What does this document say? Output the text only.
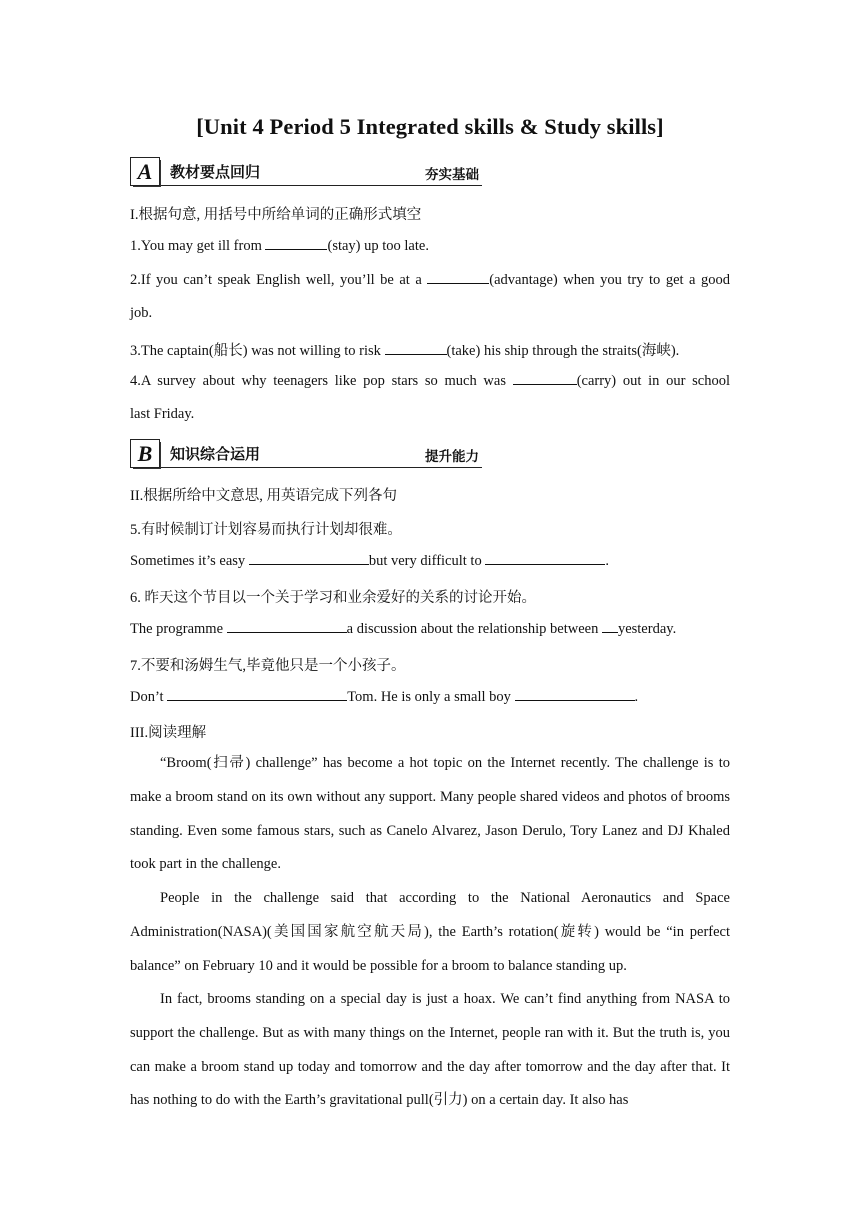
[Unit 4 Period 5 Integrated skills & Study skills]
A	教材要点回归	夯实基础
I.根据句意, 用括号中所给单词的正确形式填空
1.You may get ill from	(stay) up too late.
2.If you can’t speak English well, you’ll be at a	(advantage) when you try to get a good
job.
3.The captain(船长) was not willing to risk	(take) his ship through the straits(海峡).
4.A survey about why teenagers like pop stars so much was	(carry) out in our school
last Friday.
B	知识综合运用	提升能力
II.根据所给中文意思, 用英语完成下列各句
5.有时候制订计划容易而执行计划却很难。
Sometimes it’s easy	but very difficult to	.
6. 昨天这个节目以一个关于学习和业余爱好的关系的讨论开始。
The programme	a discussion about the relationship between yesterday.
7.不要和汤姆生气,毕竟他只是一个小孩子。
Don’t	Tom. He is only a small boy	.
III.阅读理解
“Broom(扫帚) challenge” has become a hot topic on the Internet recently. The challenge is to make a broom stand on its own without any support. Many people shared videos and photos of brooms standing. Even some famous stars, such as Canelo Alvarez, Jason Derulo, Tory Lanez and DJ Khaled took part in the challenge.
People in the challenge said that according to the National Aeronautics and Space Administration(NASA)(美国国家航空航天局), the Earth’s rotation(旋转) would be “in perfect balance” on February 10 and it would be possible for a broom to balance standing up.
In fact, brooms standing on a special day is just a hoax. We can’t find anything from NASA to support the challenge. But as with many things on the Internet, people ran with it. But the truth is, you can make a broom stand up today and tomorrow and the day after tomorrow and the day after that. It has nothing to do with the Earth’s gravitational pull(引力) on a certain day. It also has
